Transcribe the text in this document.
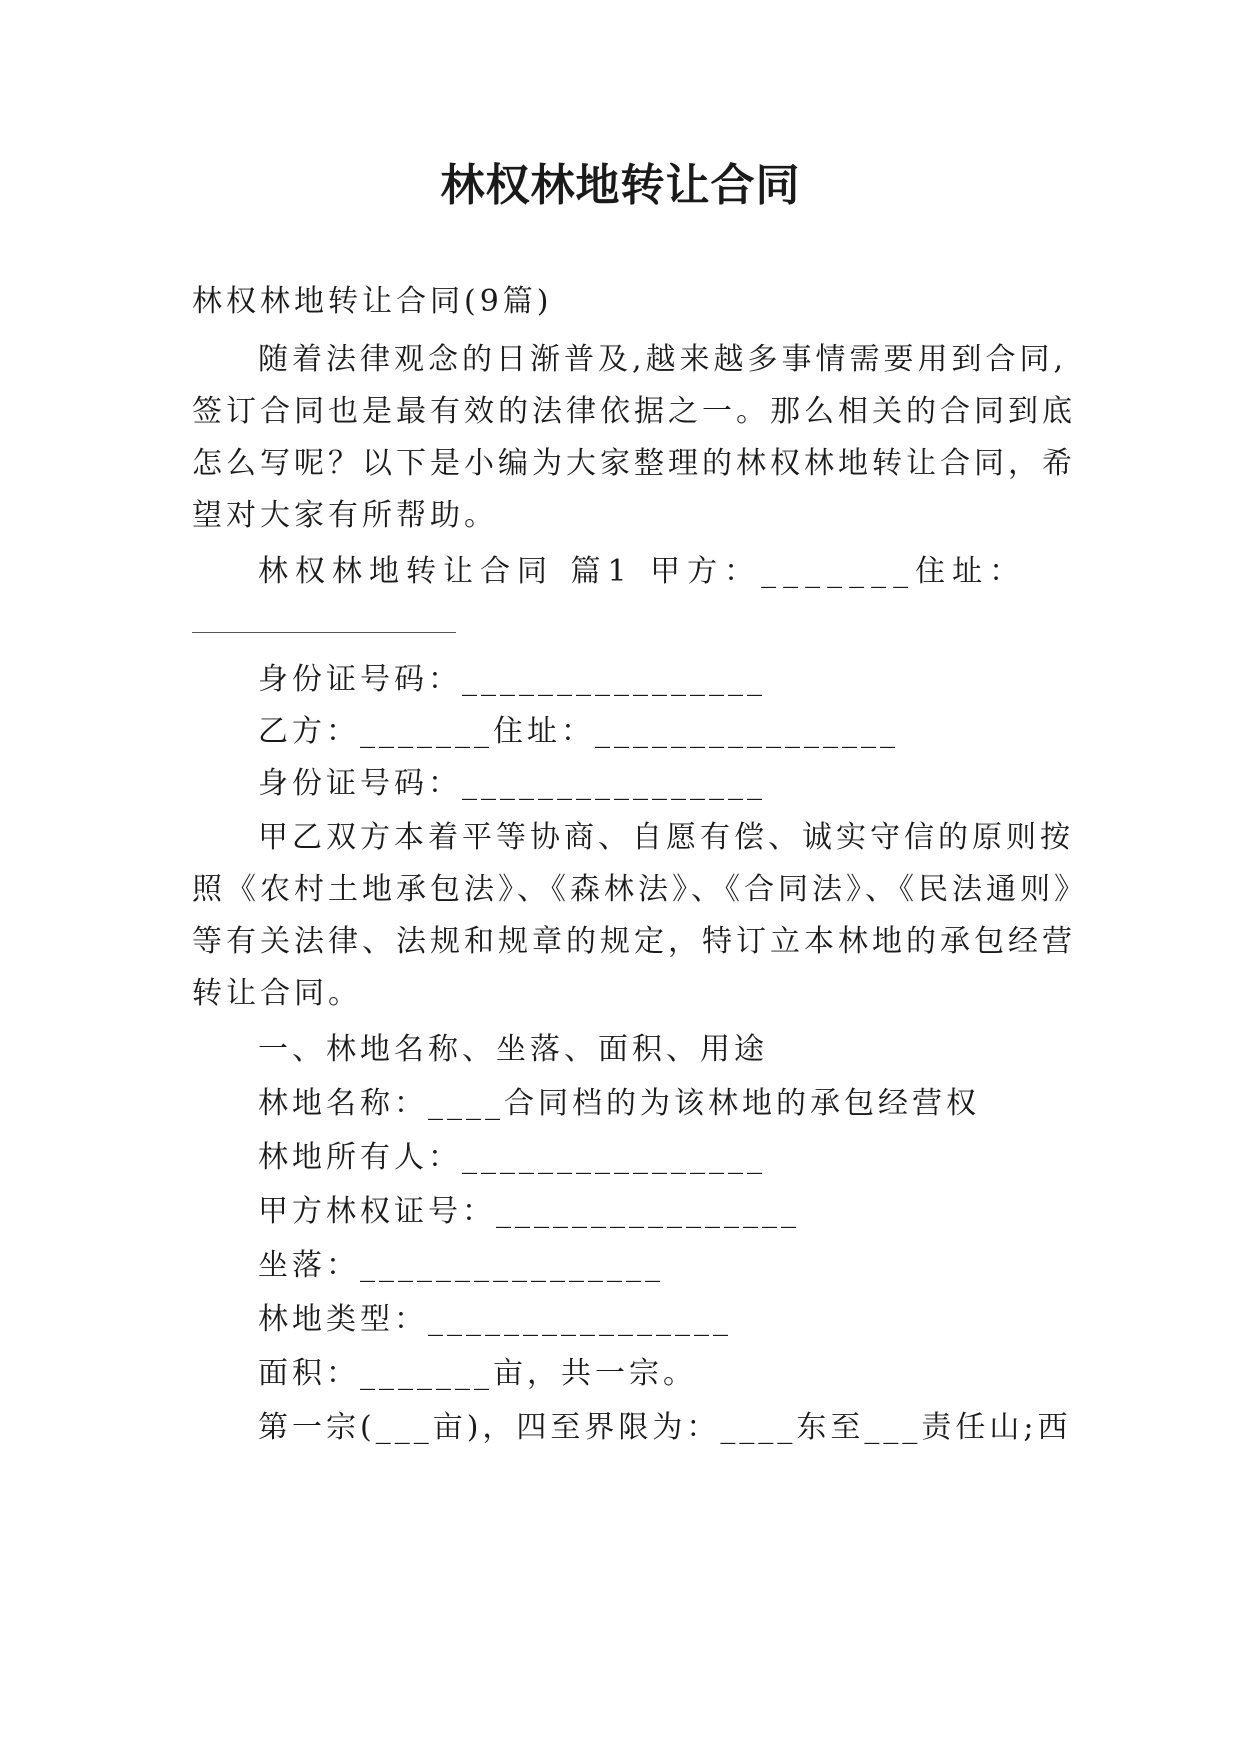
林权林地转让合同
林权林地转让合同(9篇)
随着法律观念的日渐普及,越来越多事情需要用到合同,
签订合同也是最有效的法律依据之一。那么相关的合同到底
怎么写呢？以下是小编为大家整理的林权林地转让合同，希
望对大家有所帮助。
林权林地转让合同 篇1 甲方：_______住址：
身份证号码：________________
乙方：_______住址：________________
身份证号码：________________
甲乙双方本着平等协商、自愿有偿、诚实守信的原则按
照《农村土地承包法》、《森林法》、《合同法》、《民法通则》
等有关法律、法规和规章的规定，特订立本林地的承包经营
转让合同。
一、林地名称、坐落、面积、用途
林地名称：____合同档的为该林地的承包经营权
林地所有人：________________
甲方林权证号：________________
坐落：________________
林地类型：________________
面积：_______亩，共一宗。
第一宗(___亩)，四至界限为：____东至___责任山;西
